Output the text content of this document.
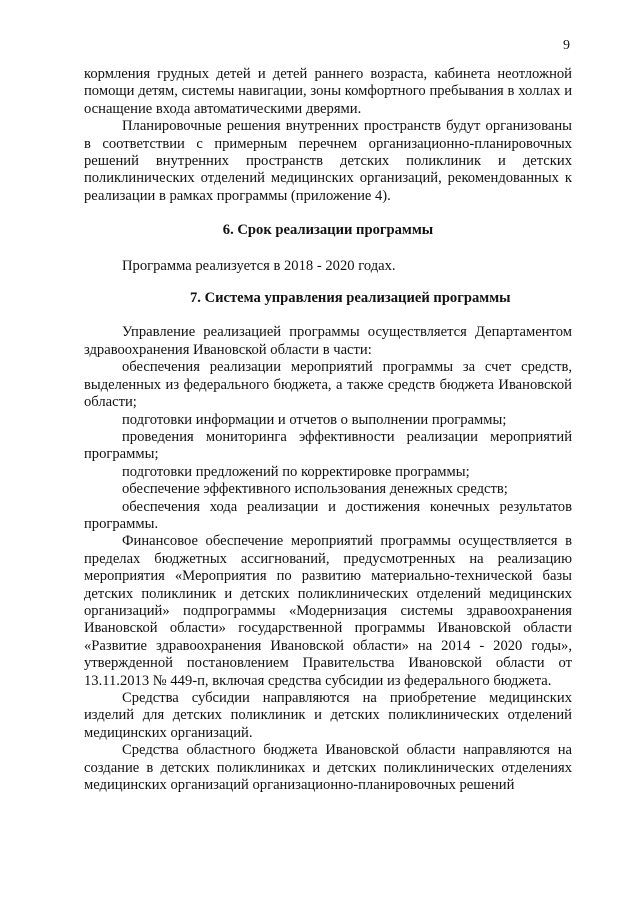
9

кормления грудных детей и детей раннего возраста, кабинета неотложной помощи детям, системы навигации, зоны комфортного пребывания в холлах и оснащение входа автоматическими дверями.

Планировочные решения внутренних пространств будут организованы в соответствии с примерным перечнем организационно-планировочных решений внутренних пространств детских поликлиник и детских поликлинических отделений медицинских организаций, рекомендованных к реализации в рамках программы (приложение 4).

6. Срок реализации программы

Программа реализуется в 2018 - 2020 годах.

7. Система управления реализацией программы

Управление реализацией программы осуществляется Департаментом здравоохранения Ивановской области в части:

обеспечения реализации мероприятий программы за счет средств, выделенных из федерального бюджета, а также средств бюджета Ивановской области;

подготовки информации и отчетов о выполнении программы;

проведения мониторинга эффективности реализации мероприятий программы;

подготовки предложений по корректировке программы;

обеспечение эффективного использования денежных средств;

обеспечения хода реализации и достижения конечных результатов программы.

Финансовое обеспечение мероприятий программы осуществляется в пределах бюджетных ассигнований, предусмотренных на реализацию мероприятия «Мероприятия по развитию материально-технической базы детских поликлиник и детских поликлинических отделений медицинских организаций» подпрограммы «Модернизация системы здравоохранения Ивановской области» государственной программы Ивановской области «Развитие здравоохранения Ивановской области» на 2014 - 2020 годы», утвержденной постановлением Правительства Ивановской области от 13.11.2013 № 449-п, включая средства субсидии из федерального бюджета.

Средства субсидии направляются на приобретение медицинских изделий для детских поликлиник и детских поликлинических отделений медицинских организаций.

Средства областного бюджета Ивановской области направляются на создание в детских поликлиниках и детских поликлинических отделениях медицинских организаций организационно-планировочных решений
